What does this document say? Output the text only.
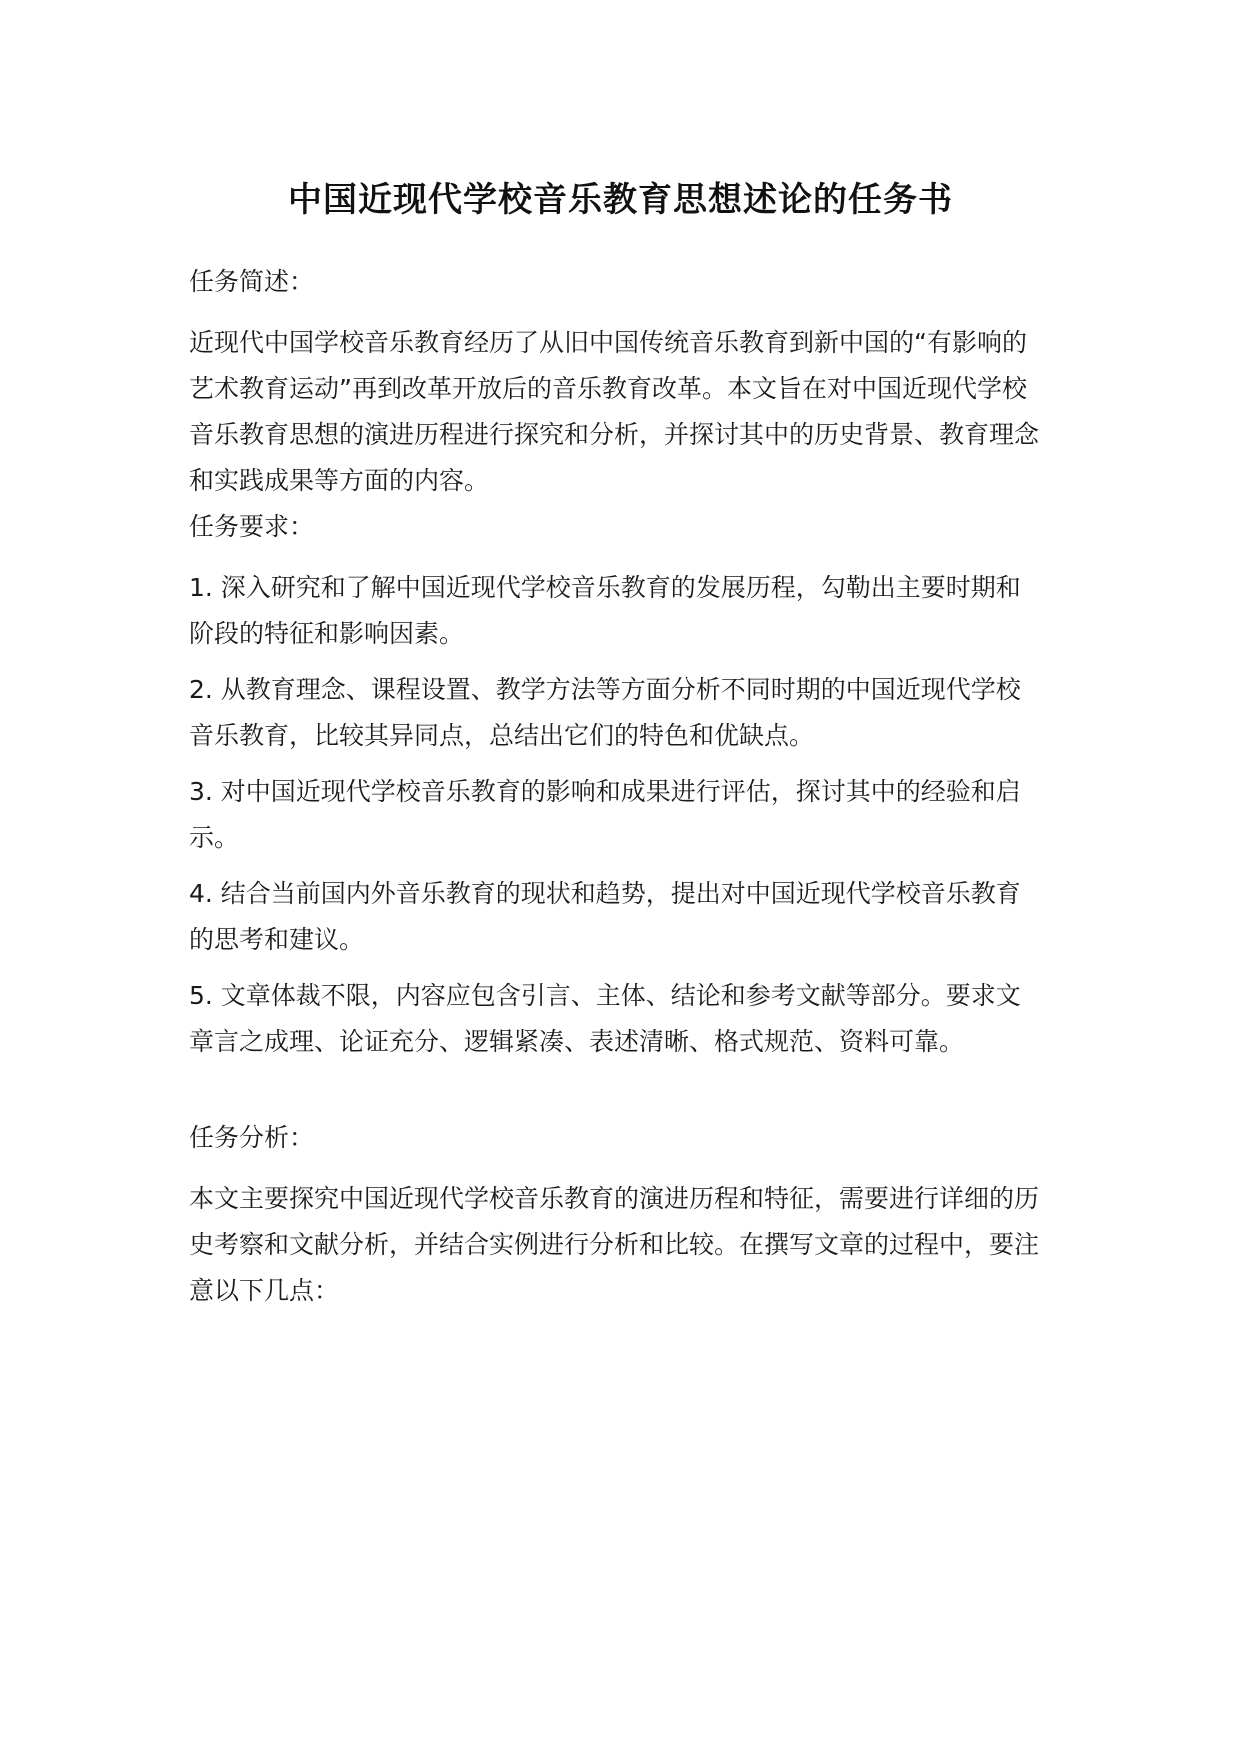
中国近现代学校音乐教育思想述论的任务书
任务简述：

近现代中国学校音乐教育经历了从旧中国传统音乐教育到新中国的“有影响的艺术教育运动”再到改革开放后的音乐教育改革。本文旨在对中国近现代学校音乐教育思想的演进历程进行探究和分析，并探讨其中的历史背景、教育理念和实践成果等方面的内容。

任务要求：

1. 深入研究和了解中国近现代学校音乐教育的发展历程，勾勒出主要时期和阶段的特征和影响因素。

2. 从教育理念、课程设置、教学方法等方面分析不同时期的中国近现代学校音乐教育，比较其异同点，总结出它们的特色和优缺点。

3. 对中国近现代学校音乐教育的影响和成果进行评估，探讨其中的经验和启示。

4. 结合当前国内外音乐教育的现状和趋势，提出对中国近现代学校音乐教育的思考和建议。

5. 文章体裁不限，内容应包含引言、主体、结论和参考文献等部分。要求文章言之成理、论证充分、逻辑紧凑、表述清晰、格式规范、资料可靠。

任务分析：

本文主要探究中国近现代学校音乐教育的演进历程和特征，需要进行详细的历史考察和文献分析，并结合实例进行分析和比较。在撰写文章的过程中，要注意以下几点：
